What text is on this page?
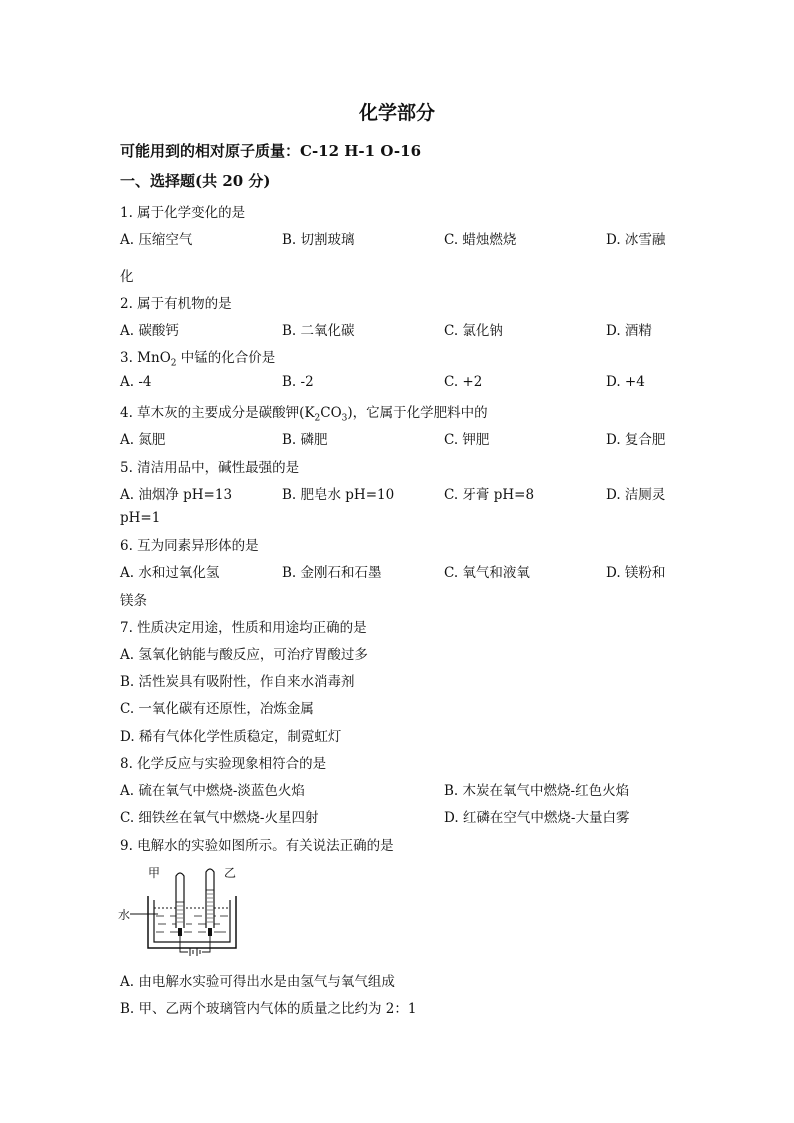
化学部分
可能用到的相对原子质量：C-12 H-1 O-16
一、选择题(共 20 分)
1. 属于化学变化的是
A. 压缩空气	B. 切割玻璃	C. 蜡烛燃烧	D. 冰雪融
化
2. 属于有机物的是
A. 碳酸钙	B. 二氧化碳	C. 氯化钠	D. 酒精
3. MnO$_2$ 中锰的化合价是
A. -4	B. -2	C. +2	D. +4
4. 草木灰的主要成分是碳酸钾$(K_2CO_3)$，它属于化学肥料中的
A. 氮肥	B. 磷肥	C. 钾肥	D. 复合肥
5. 清洁用品中，碱性最强的是
A. 油烟净 pH=13	B. 肥皂水 pH=10	C. 牙膏 pH=8	D. 洁厕灵
pH=1
6. 互为同素异形体的是
A. 水和过氧化氢	B. 金刚石和石墨	C. 氧气和液氧	D. 镁粉和
镁条
7. 性质决定用途，性质和用途均正确的是
A. 氢氧化钠能与酸反应，可治疗胃酸过多
B. 活性炭具有吸附性，作自来水消毒剂
C. 一氧化碳有还原性，冶炼金属
D. 稀有气体化学性质稳定，制霓虹灯
8. 化学反应与实验现象相符合的是
A. 硫在氧气中燃烧-淡蓝色火焰	B. 木炭在氧气中燃烧-红色火焰
C. 细铁丝在氧气中燃烧-火星四射	D. 红磷在空气中燃烧-大量白雾
9. 电解水的实验如图所示。有关说法正确的是
甲	乙
水
A. 由电解水实验可得出水是由氢气与氧气组成
B. 甲、乙两个玻璃管内气体的质量之比约为 2：1
